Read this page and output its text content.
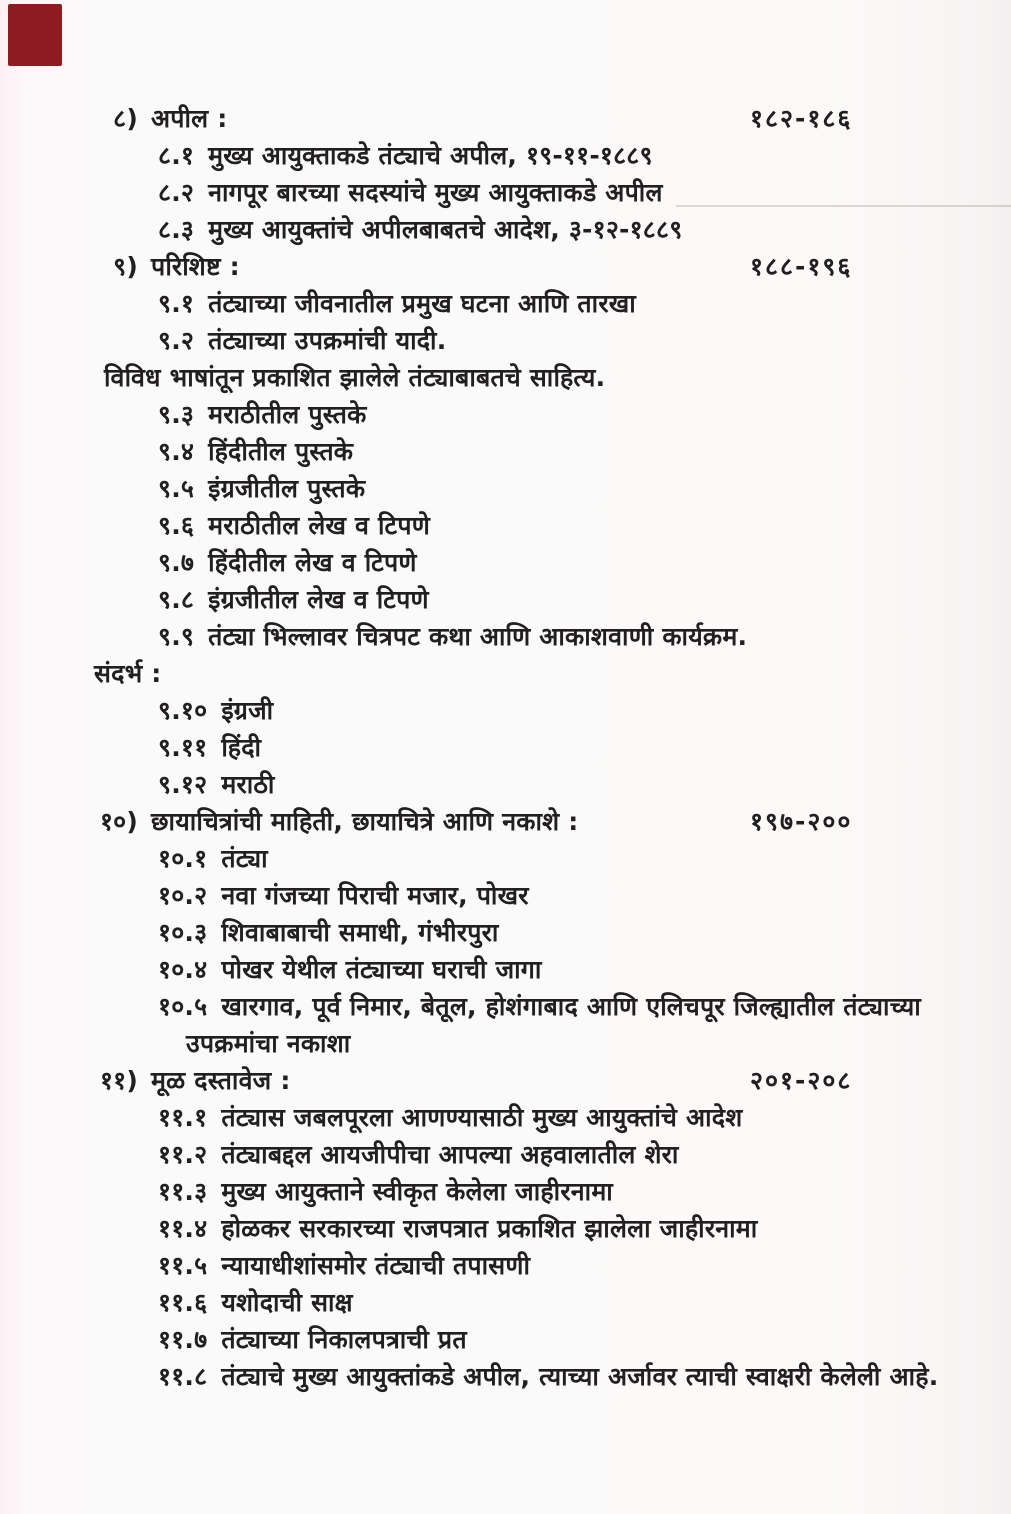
८) अपील :	१८२-१८६
८.१ मुख्य आयुक्ताकडे तंट्याचे अपील, १९-११-१८८९
८.२ नागपूर बारच्या सदस्यांचे मुख्य आयुक्ताकडे अपील
८.३ मुख्य आयुक्तांचे अपीलबाबतचे आदेश, ३-१२-१८८९
९) परिशिष्ट :	१८८-१९६
९.१ तंट्याच्या जीवनातील प्रमुख घटना आणि तारखा
९.२ तंट्याच्या उपक्रमांची यादी.
विविध भाषांतून प्रकाशित झालेले तंट्याबाबतचे साहित्य.
९.३ मराठीतील पुस्तके
९.४ हिंदीतील पुस्तके
९.५ इंग्रजीतील पुस्तके
९.६ मराठीतील लेख व टिपणे
९.७ हिंदीतील लेख व टिपणे
९.८ इंग्रजीतील लेख व टिपणे
९.९ तंट्या भिल्लावर चित्रपट कथा आणि आकाशवाणी कार्यक्रम.
संदर्भ :
९.१० इंग्रजी
९.११ हिंदी
९.१२ मराठी
१०) छायाचित्रांची माहिती, छायाचित्रे आणि नकाशे :	१९७-२००
१०.१ तंट्या
१०.२ नवा गंजच्या पिराची मजार, पोखर
१०.३ शिवाबाबाची समाधी, गंभीरपुरा
१०.४ पोखर येथील तंट्याच्या घराची जागा
१०.५ खारगाव, पूर्व निमार, बेतूल, होशंगाबाद आणि एलिचपूर जिल्ह्यातील तंट्याच्या
उपक्रमांचा नकाशा
११) मूळ दस्तावेज :	२०१-२०८
११.१ तंट्यास जबलपूरला आणण्यासाठी मुख्य आयुक्तांचे आदेश
११.२ तंट्याबद्दल आयजीपीचा आपल्या अहवालातील शेरा
११.३ मुख्य आयुक्ताने स्वीकृत केलेला जाहीरनामा
११.४ होळकर सरकारच्या राजपत्रात प्रकाशित झालेला जाहीरनामा
११.५ न्यायाधीशांसमोर तंट्याची तपासणी
११.६ यशोदाची साक्ष
११.७ तंट्याच्या निकालपत्राची प्रत
११.८ तंट्याचे मुख्य आयुक्तांकडे अपील, त्याच्या अर्जावर त्याची स्वाक्षरी केलेली आहे.
